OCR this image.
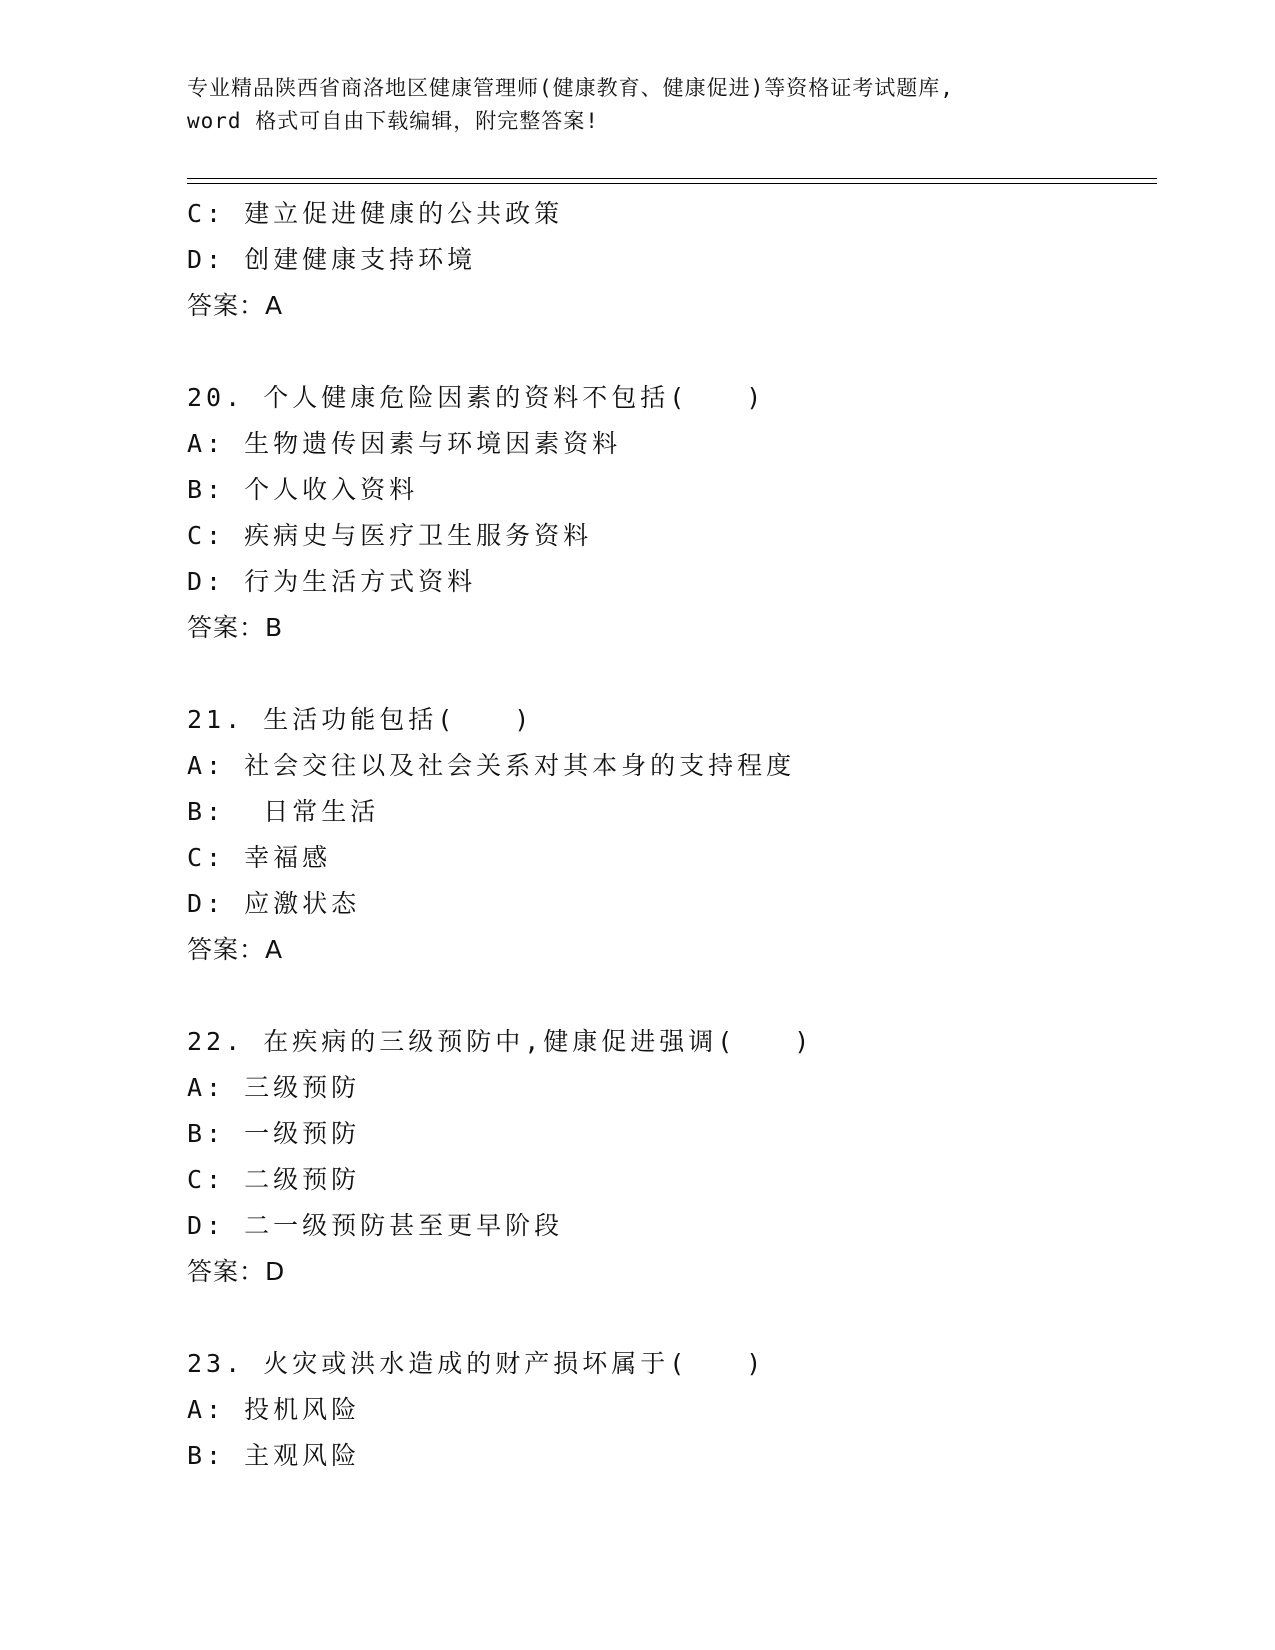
专业精品陕西省商洛地区健康管理师(健康教育、健康促进)等资格证考试题库,
word 格式可自由下载编辑，附完整答案!
C: 建立促进健康的公共政策
D: 创建健康支持环境
答案：A
20. 个人健康危险因素的资料不包括(　　)
A: 生物遗传因素与环境因素资料
B: 个人收入资料
C: 疾病史与医疗卫生服务资料
D: 行为生活方式资料
答案：B
21. 生活功能包括(　　)
A: 社会交往以及社会关系对其本身的支持程度
B:  日常生活
C: 幸福感
D: 应激状态
答案：A
22. 在疾病的三级预防中,健康促进强调(　　)
A: 三级预防
B: 一级预防
C: 二级预防
D: 二一级预防甚至更早阶段
答案：D
23. 火灾或洪水造成的财产损坏属于(　　)
A: 投机风险
B: 主观风险
